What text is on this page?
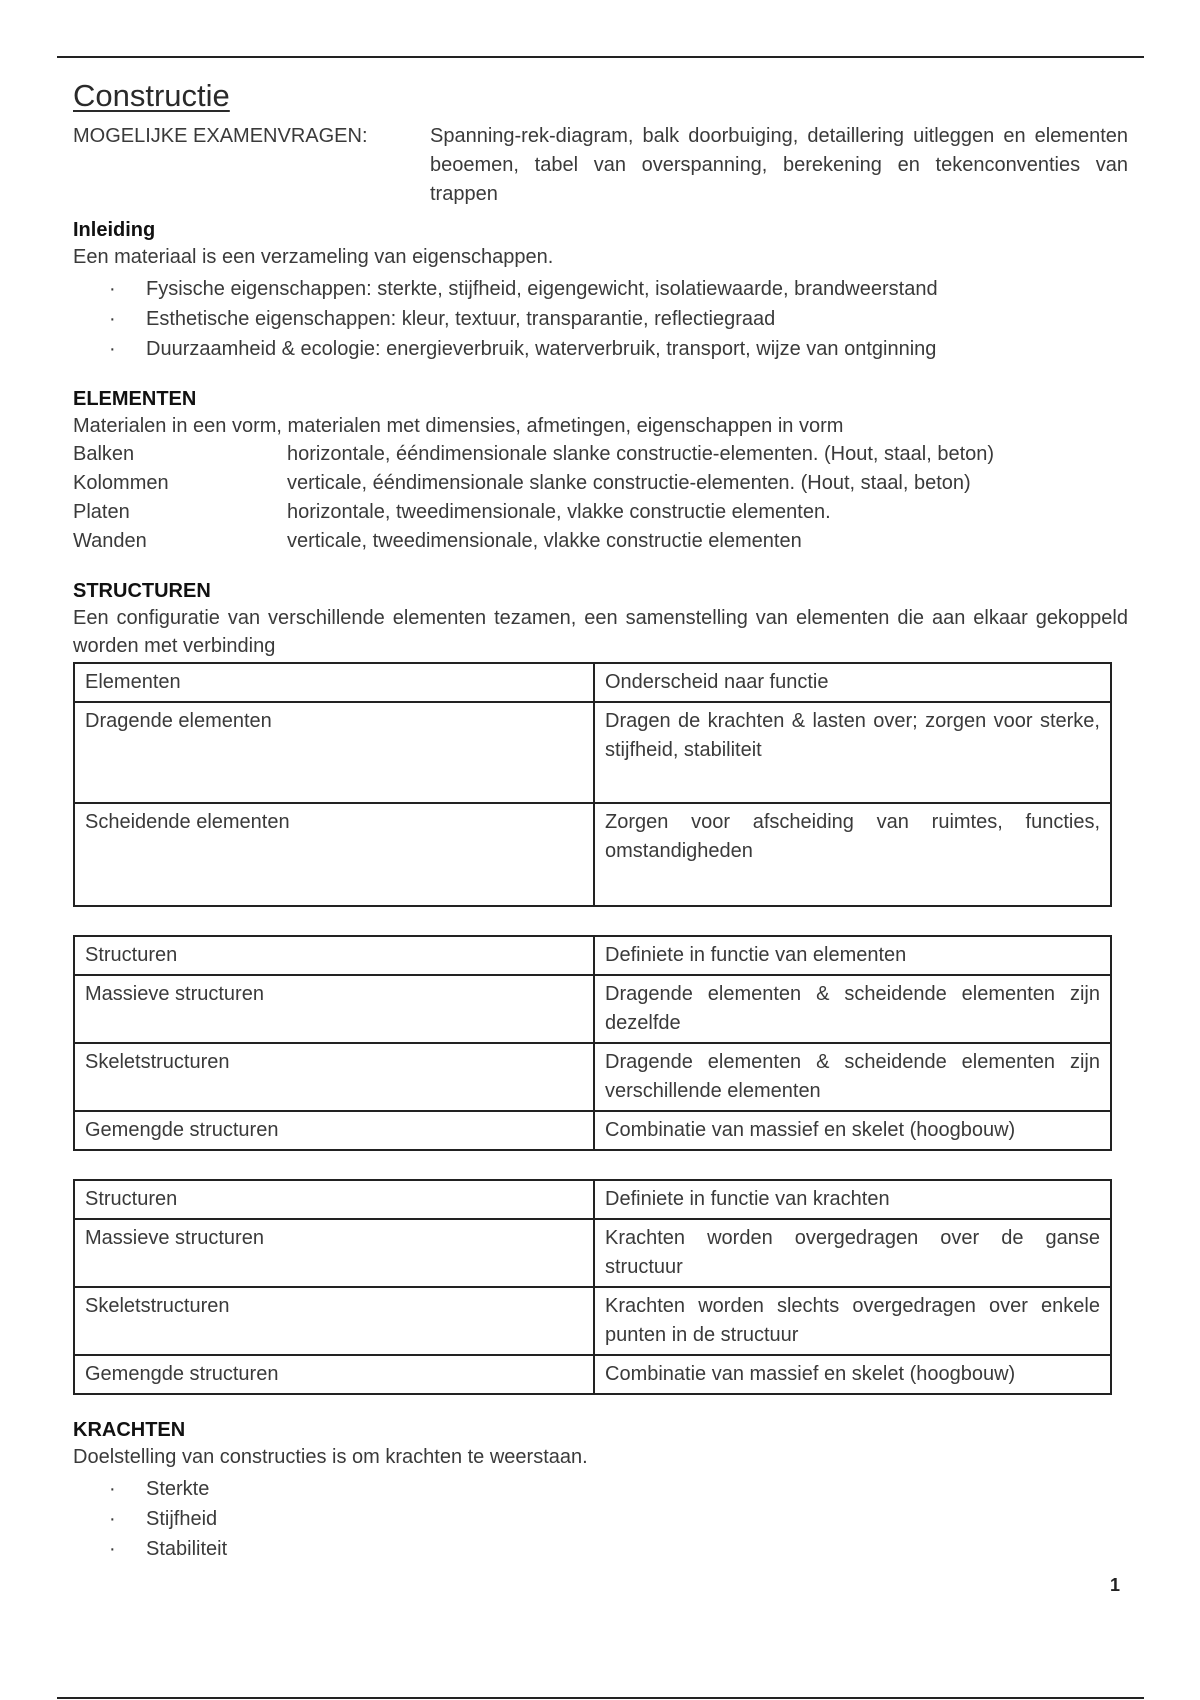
Constructie
MOGELIJKE EXAMENVRAGEN:	Spanning-rek-diagram, balk doorbuiging, detaillering uitleggen en elementen beoemen, tabel van overspanning, berekening en tekenconventies van trappen
Inleiding

Een materiaal is een verzameling van eigenschappen.

· Fysische eigenschappen: sterkte, stijfheid, eigengewicht, isolatiewaarde, brandweerstand
· Esthetische eigenschappen: kleur, textuur, transparantie, reflectiegraad
· Duurzaamheid & ecologie: energieverbruik, waterverbruik, transport, wijze van ontginning
ELEMENTEN

Materialen in een vorm, materialen met dimensies, afmetingen, eigenschappen in vorm

Balken	horizontale, ééndimensionale slanke constructie-elementen. (Hout, staal, beton)
Kolommen	verticale, ééndimensionale slanke constructie-elementen. (Hout, staal, beton)
Platen	horizontale, tweedimensionale, vlakke constructie elementen.
Wanden	verticale, tweedimensionale, vlakke constructie elementen
STRUCTUREN

Een configuratie van verschillende elementen tezamen, een samenstelling van elementen die aan elkaar gekoppeld worden met verbinding

Elementen	Onderscheid naar functie
Dragende elementen	Dragen de krachten & lasten over; zorgen voor sterke, stijfheid, stabiliteit
Scheidende elementen	Zorgen voor afscheiding van ruimtes, functies, omstandigheden
Structuren	Definiete in functie van elementen
Massieve structuren	Dragende elementen & scheidende elementen zijn dezelfde
Skeletstructuren	Dragende elementen & scheidende elementen zijn verschillende elementen
Gemengde structuren	Combinatie van massief en skelet (hoogbouw)
Structuren	Definiete in functie van krachten
Massieve structuren	Krachten worden overgedragen over de ganse structuur
Skeletstructuren	Krachten worden slechts overgedragen over enkele punten in de structuur
Gemengde structuren	Combinatie van massief en skelet (hoogbouw)
KRACHTEN

Doelstelling van constructies is om krachten te weerstaan.

· Sterkte
· Stijfheid
· Stabiliteit
1
